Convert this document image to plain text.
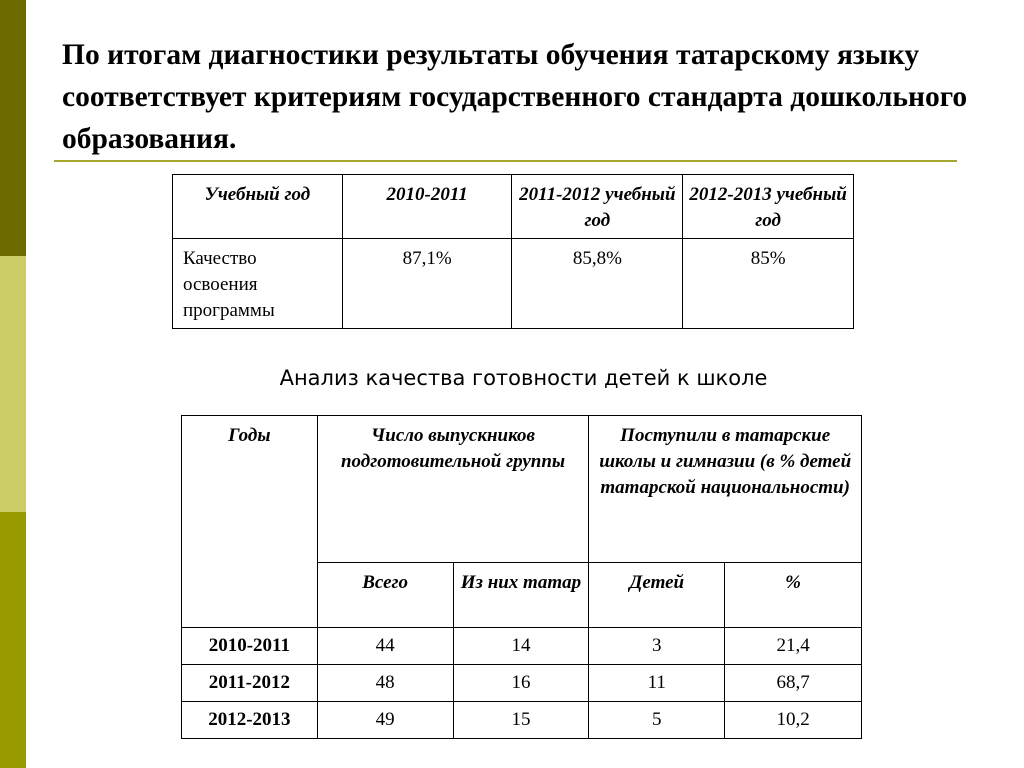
По итогам диагностики результаты обучения татарскому языку соответствует критериям государственного стандарта дошкольного образования.
Учебный год	2010-2011	2011-2012 учебный год	2012-2013 учебный год
Качество освоения программы	87,1%	85,8%	85%
Анализ качества готовности детей к школе
Годы	Число выпускников подготовительной группы		Поступили в татарские школы и гимназии (в % детей татарской национальности)	
	Всего	Из них татар	Детей	%
2010-2011	44	14	3	21,4
2011-2012	48	16	11	68,7
2012-2013	49	15	5	10,2
